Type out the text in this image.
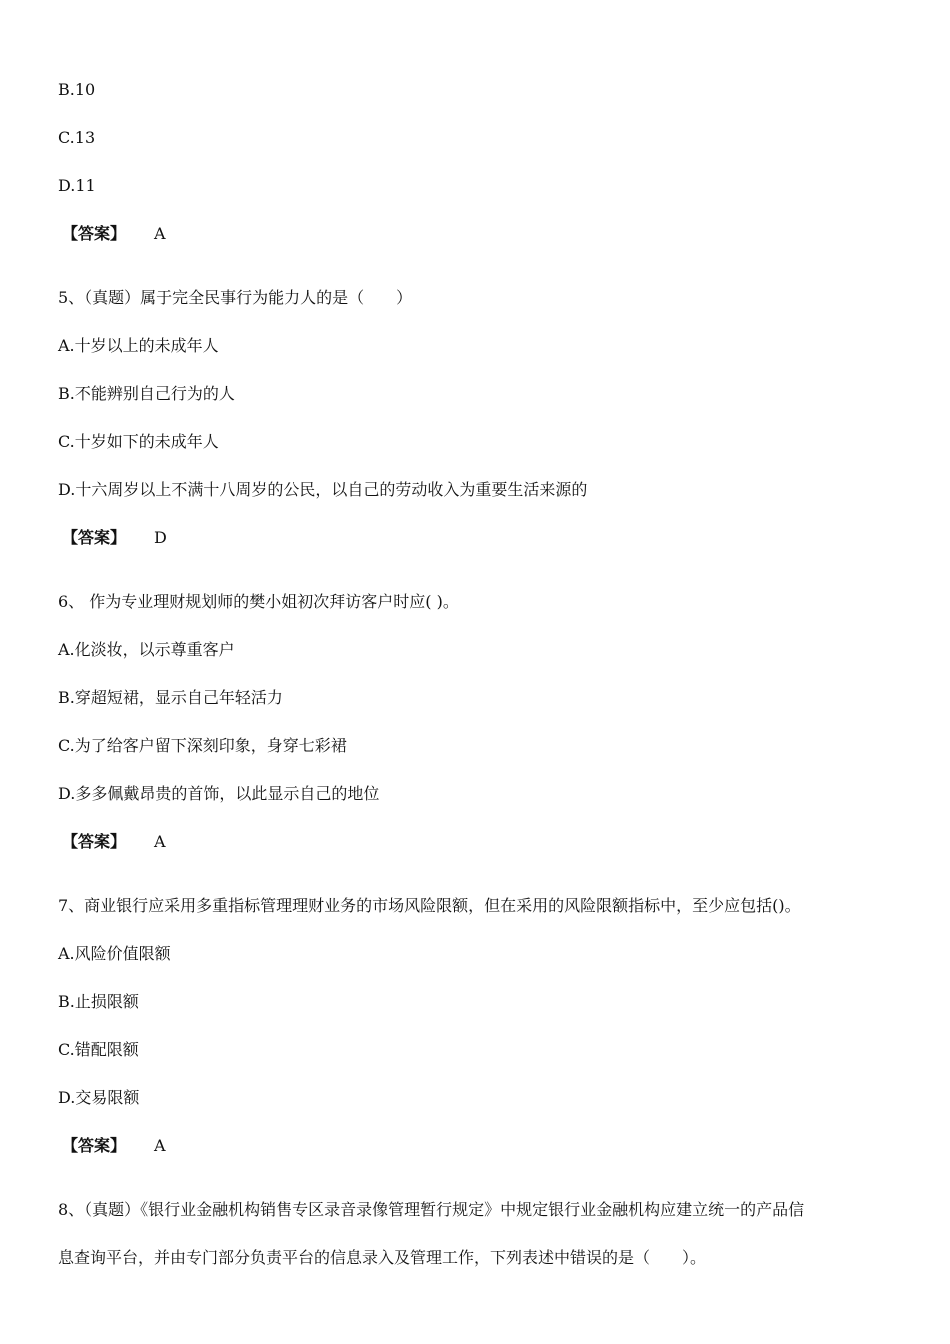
B.10
C.13
D.11
【答案】 A
5、（真题）属于完全民事行为能力人的是（　　）
A.十岁以上的未成年人
B.不能辨别自己行为的人
C.十岁如下的未成年人
D.十六周岁以上不满十八周岁的公民，以自己的劳动收入为重要生活来源的
【答案】 D
6、 作为专业理财规划师的樊小姐初次拜访客户时应( )。
A.化淡妆，以示尊重客户
B.穿超短裙，显示自己年轻活力
C.为了给客户留下深刻印象，身穿七彩裙
D.多多佩戴昂贵的首饰，以此显示自己的地位
【答案】 A
7、商业银行应采用多重指标管理理财业务的市场风险限额，但在采用的风险限额指标中，至少应包括()。
A.风险价值限额
B.止损限额
C.错配限额
D.交易限额
【答案】 A
8、（真题）《银行业金融机构销售专区录音录像管理暂行规定》中规定银行业金融机构应建立统一的产品信
息查询平台，并由专门部分负责平台的信息录入及管理工作，下列表述中错误的是（　　）。
